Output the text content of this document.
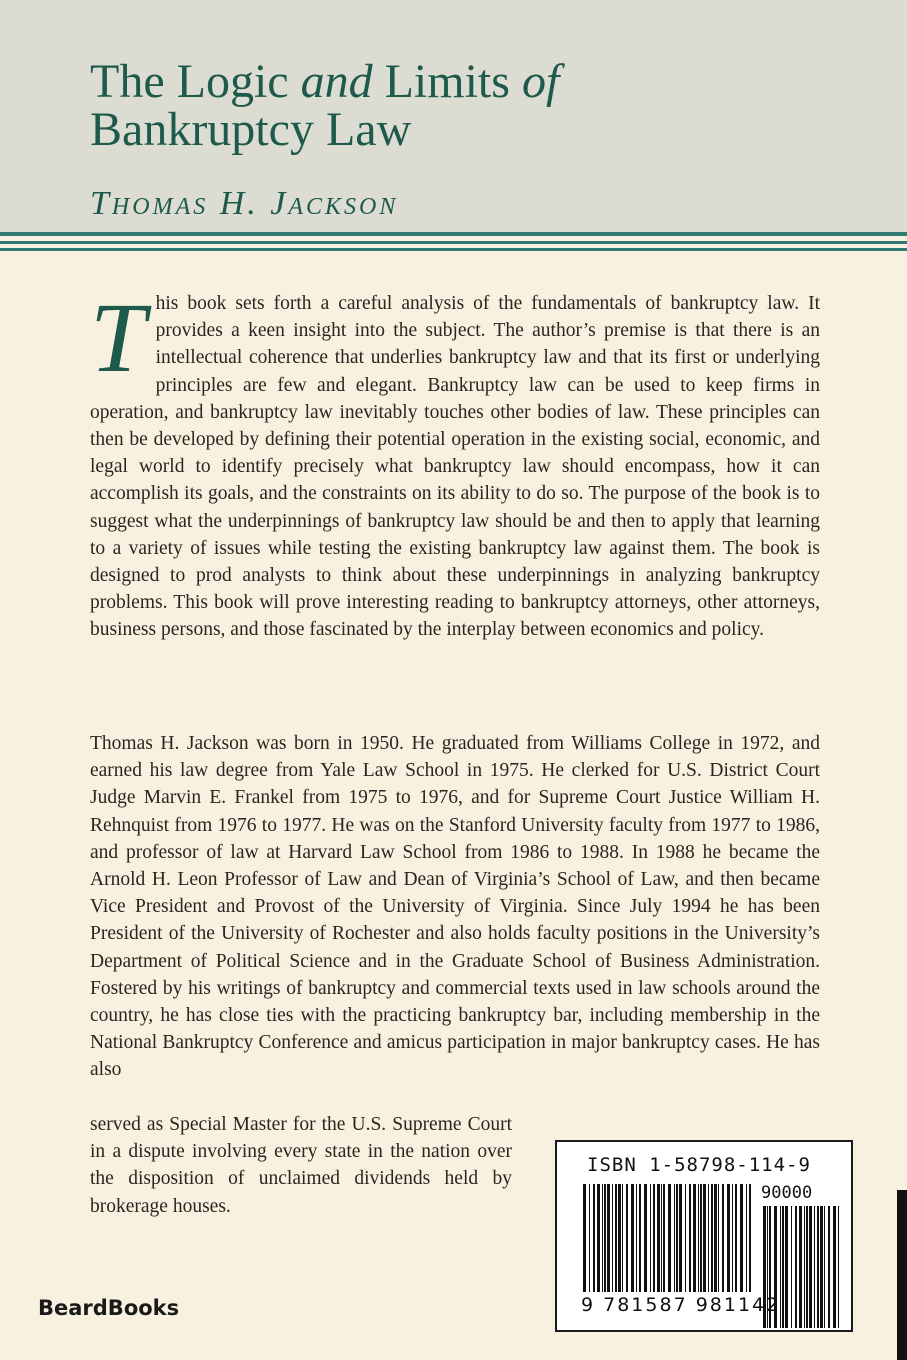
The Logic and Limits of
Bankruptcy Law
Thomas H. Jackson

This book sets forth a careful analysis of the fundamentals of bankruptcy law. It provides a keen insight into the subject. The author’s premise is that there is an intellectual coherence that underlies bankruptcy law and that its first or underlying principles are few and elegant. Bankruptcy law can be used to keep firms in operation, and bankruptcy law inevitably touches other bodies of law. These principles can then be developed by defining their potential operation in the existing social, economic, and legal world to identify precisely what bankruptcy law should encompass, how it can accomplish its goals, and the constraints on its ability to do so. The purpose of the book is to suggest what the underpinnings of bankruptcy law should be and then to apply that learning to a variety of issues while testing the existing bankruptcy law against them. The book is designed to prod analysts to think about these underpinnings in analyzing bankruptcy problems. This book will prove interesting reading to bankruptcy attorneys, other attorneys, business persons, and those fascinated by the interplay between economics and policy.

Thomas H. Jackson was born in 1950. He graduated from Williams College in 1972, and earned his law degree from Yale Law School in 1975. He clerked for U.S. District Court Judge Marvin E. Frankel from 1975 to 1976, and for Supreme Court Justice William H. Rehnquist from 1976 to 1977. He was on the Stanford University faculty from 1977 to 1986, and professor of law at Harvard Law School from 1986 to 1988. In 1988 he became the Arnold H. Leon Professor of Law and Dean of Virginia’s School of Law, and then became Vice President and Provost of the University of Virginia. Since July 1994 he has been President of the University of Rochester and also holds faculty positions in the University’s Department of Political Science and in the Graduate School of Business Administration. Fostered by his writings of bankruptcy and commercial texts used in law schools around the country, he has close ties with the practicing bankruptcy bar, including membership in the National Bankruptcy Conference and amicus participation in major bankruptcy cases. He has also

served as Special Master for the U.S. Supreme Court in a dispute involving every state in the nation over the disposition of unclaimed dividends held by brokerage houses.

ISBN 1-58798-114-9
90000
9 781587 981142
BeardBooks
